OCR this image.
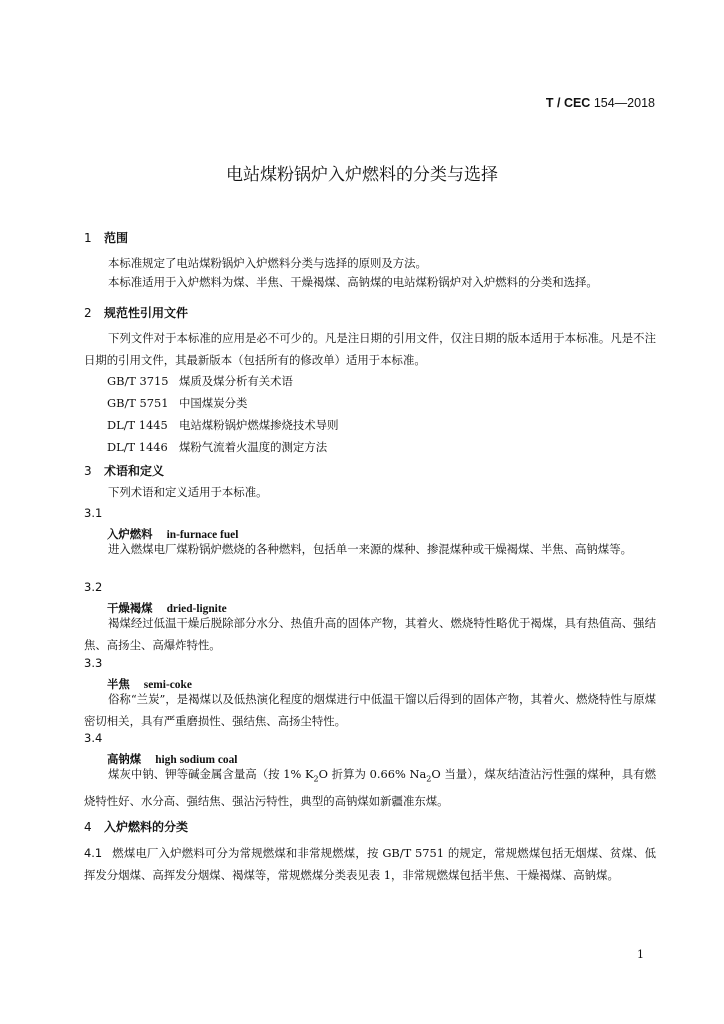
T / CEC 154—2018
电站煤粉锅炉入炉燃料的分类与选择
1 范围
本标准规定了电站煤粉锅炉入炉燃料分类与选择的原则及方法。
本标准适用于入炉燃料为煤、半焦、干燥褐煤、高钠煤的电站煤粉锅炉对入炉燃料的分类和选择。
2 规范性引用文件
下列文件对于本标准的应用是必不可少的。凡是注日期的引用文件，仅注日期的版本适用于本标准。凡是不注日期的引用文件，其最新版本（包括所有的修改单）适用于本标准。
GB/T 3715 煤质及煤分析有关术语
GB/T 5751 中国煤炭分类
DL/T 1445 电站煤粉锅炉燃煤掺烧技术导则
DL/T 1446 煤粉气流着火温度的测定方法
3 术语和定义
下列术语和定义适用于本标准。
3.1
入炉燃料 in-furnace fuel
进入燃煤电厂煤粉锅炉燃烧的各种燃料，包括单一来源的煤种、掺混煤种或干燥褐煤、半焦、高钠煤等。
3.2
干燥褐煤 dried-lignite
褐煤经过低温干燥后脱除部分水分、热值升高的固体产物，其着火、燃烧特性略优于褐煤，具有热值高、强结焦、高扬尘、高爆炸特性。
3.3
半焦 semi-coke
俗称“兰炭”，是褐煤以及低热演化程度的烟煤进行中低温干馏以后得到的固体产物，其着火、燃烧特性与原煤密切相关，具有严重磨损性、强结焦、高扬尘特性。
3.4
高钠煤 high sodium coal
煤灰中钠、钾等碱金属含量高（按 1% $K_2O$ 折算为 0.66% $Na_2O$ 当量），煤灰结渣沾污性强的煤种，具有燃烧特性好、水分高、强结焦、强沾污特性，典型的高钠煤如新疆准东煤。
4 入炉燃料的分类
4.1 燃煤电厂入炉燃料可分为常规燃煤和非常规燃煤，按 GB/T 5751 的规定，常规燃煤包括无烟煤、贫煤、低挥发分烟煤、高挥发分烟煤、褐煤等，常规燃煤分类表见表 1，非常规燃煤包括半焦、干燥褐煤、高钠煤。
1
